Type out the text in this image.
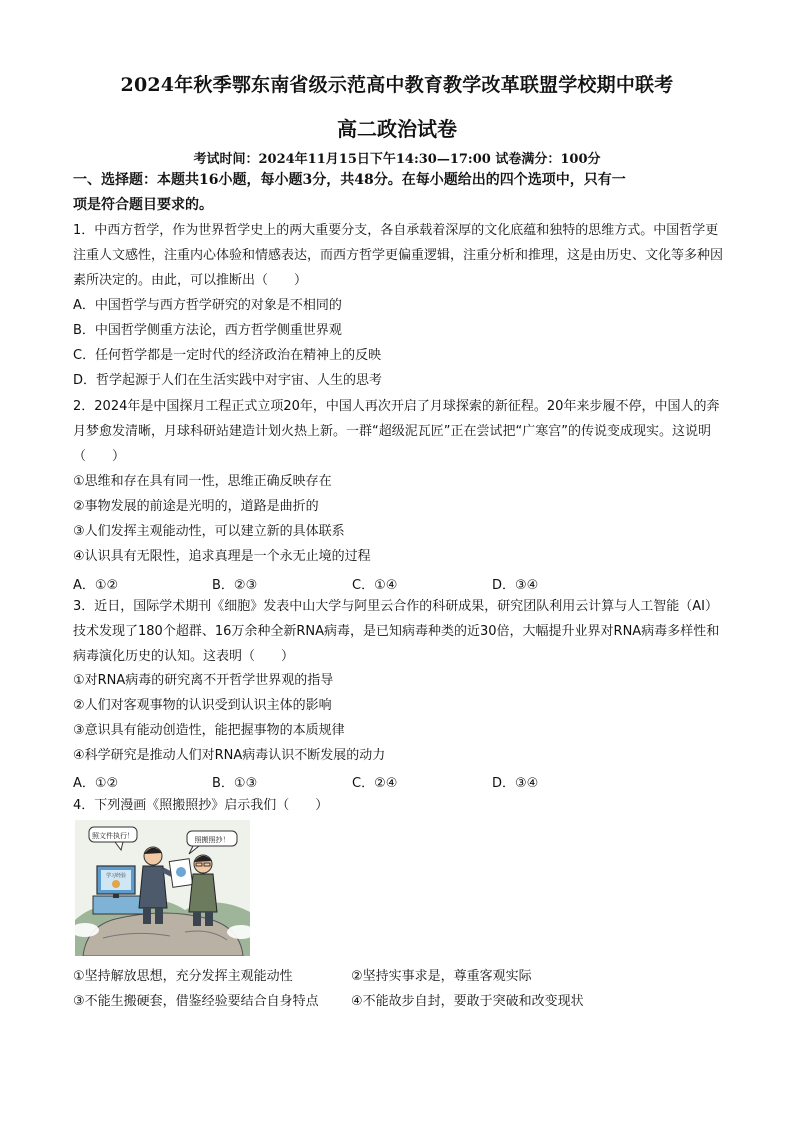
2024年秋季鄂东南省级示范高中教育教学改革联盟学校期中联考
高二政治试卷
考试时间：2024年11月15日下午14:30—17:00 试卷满分：100分
一、选择题：本题共16小题，每小题3分，共48分。在每小题给出的四个选项中，只有一
项是符合题目要求的。
1．中西方哲学，作为世界哲学史上的两大重要分支，各自承载着深厚的文化底蕴和独特的思维方式。中国哲学更注重人文感性，注重内心体验和情感表达，而西方哲学更偏重逻辑，注重分析和推理，这是由历史、文化等多种因素所决定的。由此，可以推断出（　　）
A．中国哲学与西方哲学研究的对象是不相同的
B．中国哲学侧重方法论，西方哲学侧重世界观
C．任何哲学都是一定时代的经济政治在精神上的反映
D．哲学起源于人们在生活实践中对宇宙、人生的思考
2．2024年是中国探月工程正式立项20年，中国人再次开启了月球探索的新征程。20年来步履不停，中国人的奔月梦愈发清晰，月球科研站建造计划火热上新。一群“超级泥瓦匠”正在尝试把“广寒宫”的传说变成现实。这说明（　　）
①思维和存在具有同一性，思维正确反映存在
②事物发展的前途是光明的，道路是曲折的
③人们发挥主观能动性，可以建立新的具体联系
④认识具有无限性，追求真理是一个永无止境的过程
A．①②	B．②③	C．①④	D．③④
3．近日，国际学术期刊《细胞》发表中山大学与阿里云合作的科研成果，研究团队利用云计算与人工智能（AI）技术发现了180个超群、16万余种全新RNA病毒，是已知病毒种类的近30倍，大幅提升业界对RNA病毒多样性和病毒演化历史的认知。这表明（　　）
①对RNA病毒的研究离不开哲学世界观的指导
②人们对客观事物的认识受到认识主体的影响
③意识具有能动创造性，能把握事物的本质规律
④科学研究是推动人们对RNA病毒认识不断发展的动力
A．①②	B．①③	C．②④	D．③④
4．下列漫画《照搬照抄》启示我们（　　）
照文件执行！	照搬照抄！
学习经验
①坚持解放思想，充分发挥主观能动性	②坚持实事求是，尊重客观实际
③不能生搬硬套，借鉴经验要结合自身特点 ④不能故步自封，要敢于突破和改变现状
